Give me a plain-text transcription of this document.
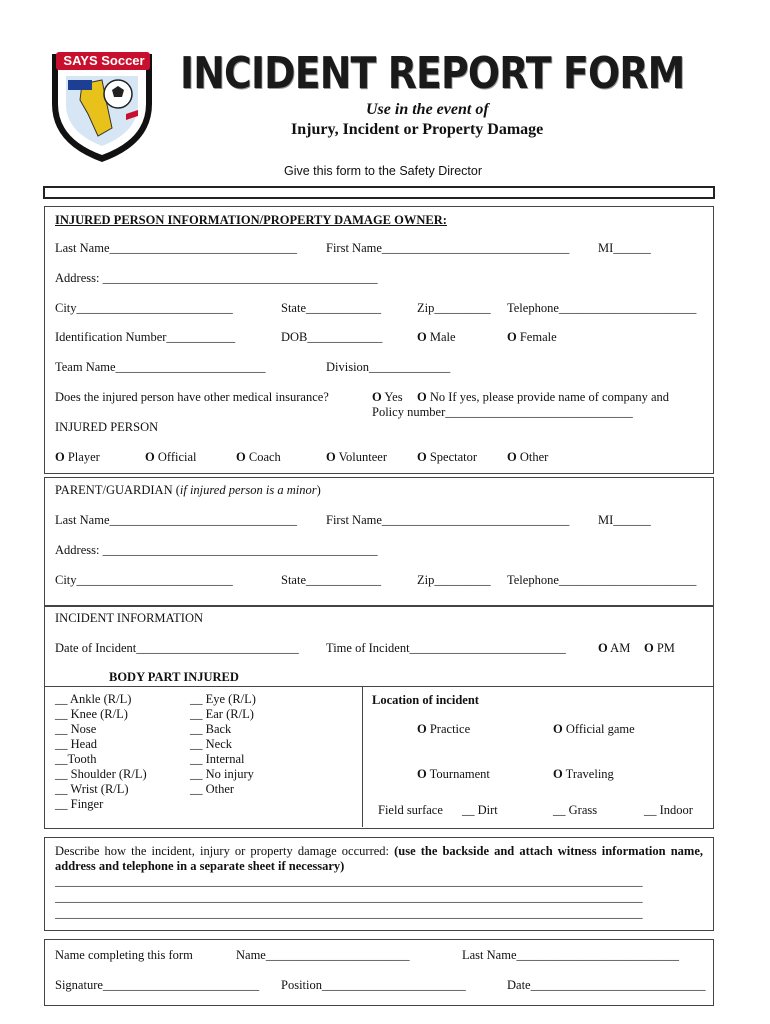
SAYS Soccer INCIDENT REPORT FORM
Use in the event of
Injury, Incident or Property Damage
Give this form to the Safety Director
INJURED PERSON INFORMATION/PROPERTY DAMAGE OWNER:
Last Name______________________________ First Name______________________________ MI______
Address: ____________________________________________
City_________________________	State____________	Zip_________ Telephone______________________
Identification Number___________	DOB____________	O Male	O Female
Team Name________________________	Division_____________
Does the injured person have other medical insurance?	O Yes O No If yes, please provide name of company and
Policy number______________________________
INJURED PERSON
O Player	O Official	O Coach	O Volunteer O Spectator O Other
PARENT/GUARDIAN (if injured person is a minor)
Last Name______________________________ First Name______________________________ MI______
Address: ____________________________________________
City_________________________	State____________	Zip_________ Telephone______________________
INCIDENT INFORMATION
Date of Incident__________________________ Time of Incident_________________________	O AM O PM
BODY PART INJURED
__ Ankle (R/L)
__ Knee (R/L)
__ Nose
__ Head
__Tooth
__ Shoulder (R/L)
__ Wrist (R/L)
__ Finger
__ Eye (R/L)
__ Ear (R/L)
__ Back
__ Neck
__ Internal
__ No injury
__ Other
Location of incident
O Practice	O Official game
O Tournament	O Traveling
Field surface __ Dirt	__ Grass	__ Indoor
Describe how the incident, injury or property damage occurred: (use the backside and attach witness information name, address and telephone in a separate sheet if necessary)
______________________________________________________________________________________________
______________________________________________________________________________________________
______________________________________________________________________________________________
Name completing this form	Name_______________________	Last Name__________________________
Signature_________________________ Position_______________________	Date____________________________
